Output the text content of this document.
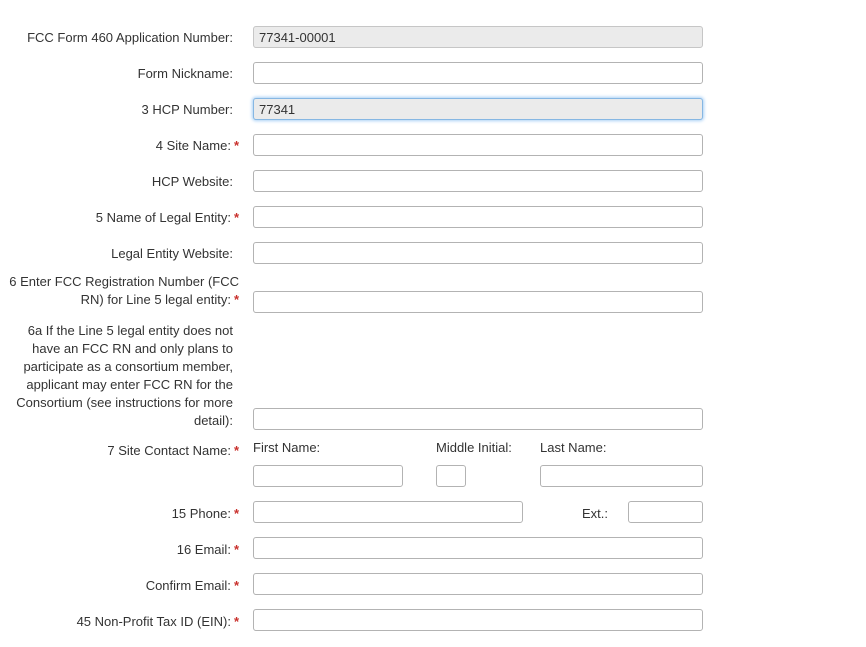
FCC Form 460 Application Number:
77341-00001
Form Nickname:
3 HCP Number:
77341
4 Site Name: *
HCP Website:
5 Name of Legal Entity: *
Legal Entity Website:
6 Enter FCC Registration Number (FCC RN) for Line 5 legal entity: *
6a If the Line 5 legal entity does not have an FCC RN and only plans to participate as a consortium member, applicant may enter FCC RN for the Consortium (see instructions for more detail):
7 Site Contact Name: * First Name:	Middle Initial: Last Name:
15 Phone: *	Ext.:
16 Email: *
Confirm Email: *
45 Non-Profit Tax ID (EIN): *
